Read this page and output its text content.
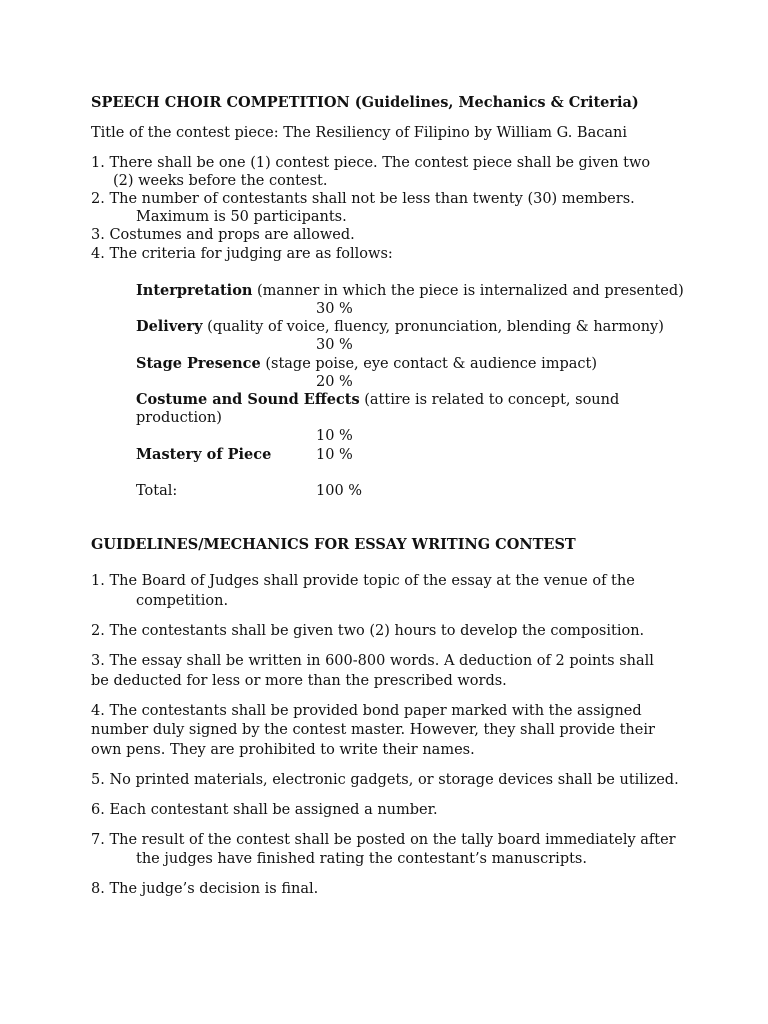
SPEECH CHOIR COMPETITION (Guidelines, Mechanics & Criteria)
Title of the contest piece: The Resiliency of Filipino by William G. Bacani
1. There shall be one (1) contest piece. The contest piece shall be given two
(2) weeks before the contest.
2. The number of contestants shall not be less than twenty (30) members.
Maximum is 50 participants.
3. Costumes and props are allowed.
4. The criteria for judging are as follows:
Interpretation (manner in which the piece is internalized and presented)
30 %
Delivery (quality of voice, fluency, pronunciation, blending & harmony)
30 %
Stage Presence (stage poise, eye contact & audience impact)
20 %
Costume and Sound Effects (attire is related to concept, sound
production)
10 %
Mastery of Piece	10 %
Total:	100 %
GUIDELINES/MECHANICS FOR ESSAY WRITING CONTEST
1. The Board of Judges shall provide topic of the essay at the venue of the
competition.
2. The contestants shall be given two (2) hours to develop the composition.
3. The essay shall be written in 600-800 words. A deduction of 2 points shall
be deducted for less or more than the prescribed words.
4. The contestants shall be provided bond paper marked with the assigned
number duly signed by the contest master. However, they shall provide their
own pens. They are prohibited to write their names.
5. No printed materials, electronic gadgets, or storage devices shall be utilized.
6. Each contestant shall be assigned a number.
7. The result of the contest shall be posted on the tally board immediately after
the judges have finished rating the contestant’s manuscripts.
8. The judge’s decision is final.
